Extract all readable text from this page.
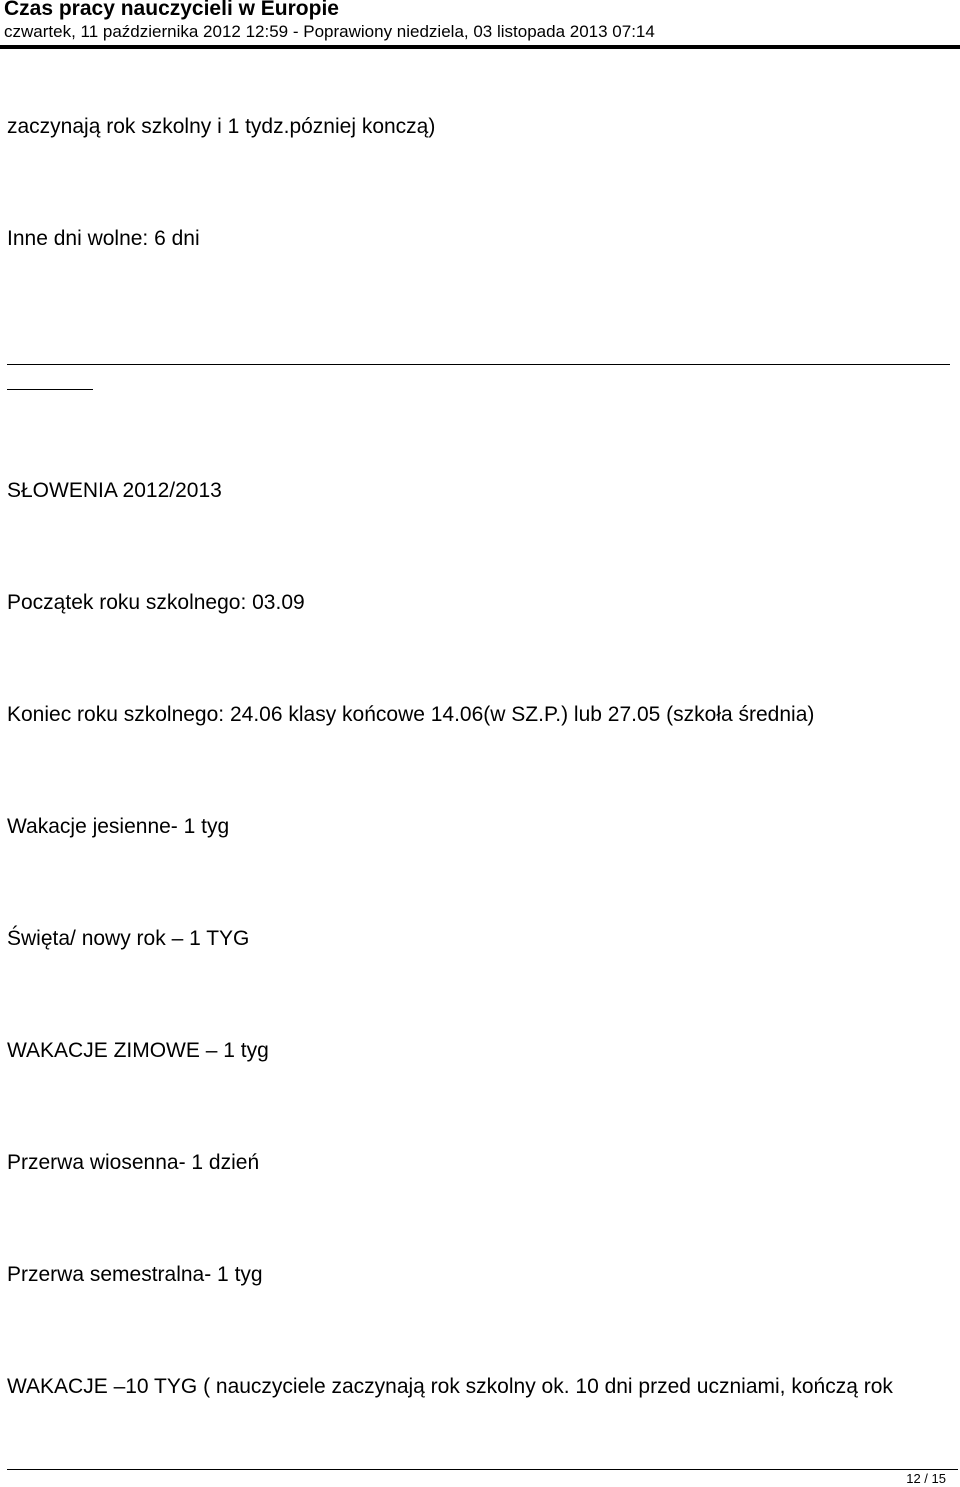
Czas pracy nauczycieli w Europie
czwartek, 11 października 2012 12:59 - Poprawiony niedziela, 03 listopada 2013 07:14
zaczynają rok szkolny i 1 tydz.pózniej konczą)
Inne dni wolne: 6 dni
SŁOWENIA 2012/2013
Początek roku szkolnego: 03.09
Koniec roku szkolnego: 24.06 klasy końcowe 14.06(w SZ.P.) lub 27.05 (szkoła średnia)
Wakacje jesienne- 1 tyg
Święta/ nowy rok – 1 TYG
WAKACJE ZIMOWE – 1 tyg
Przerwa wiosenna- 1 dzień
Przerwa semestralna- 1 tyg
WAKACJE –10 TYG ( nauczyciele zaczynają rok szkolny ok. 10 dni przed uczniami, kończą rok
12 / 15
